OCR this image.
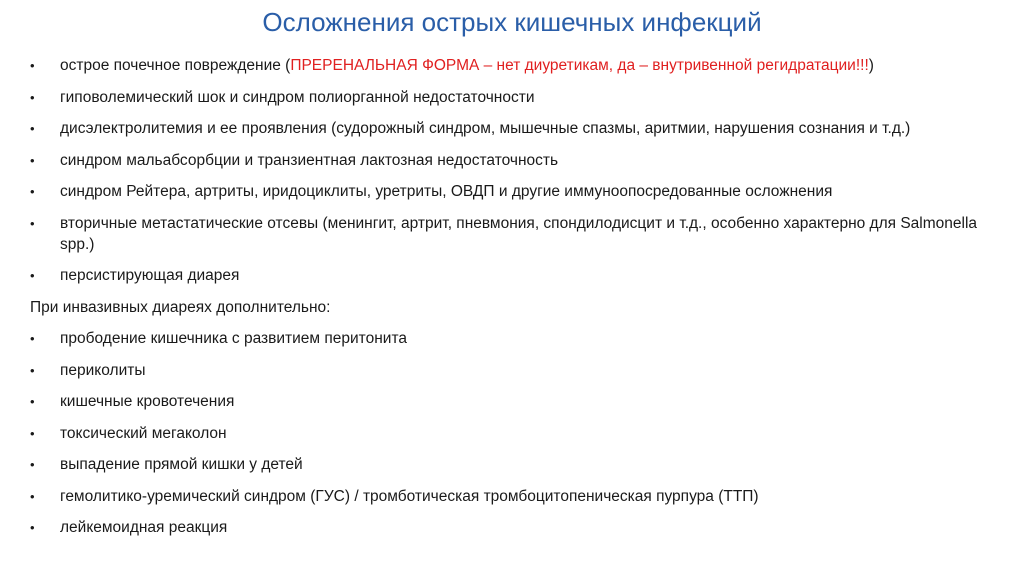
Осложнения острых кишечных инфекций
•	острое почечное повреждение (ПРЕРЕНАЛЬНАЯ ФОРМА – нет диуретикам, да – внутривенной регидратации!!!)
•	гиповолемический шок и синдром полиорганной недостаточности
•	дисэлектролитемия и ее проявления (судорожный синдром, мышечные спазмы, аритмии, нарушения сознания и т.д.)
•	синдром мальабсорбции и транзиентная лактозная недостаточность
•	синдром Рейтера, артриты, иридоциклиты, уретриты, ОВДП и другие иммуноопосредованные осложнения
•	вторичные метастатические отсевы (менингит, артрит, пневмония, спондилодисцит и т.д., особенно характерно для Salmonella spp.)
•	персистирующая диарея
При инвазивных диареях дополнительно:
•	прободение кишечника с развитием перитонита
•	периколиты
•	кишечные кровотечения
•	токсический мегаколон
•	выпадение прямой кишки у детей
•	гемолитико-уремический синдром (ГУС) / тромботическая тромбоцитопеническая пурпура (ТТП)
•	лейкемоидная реакция
